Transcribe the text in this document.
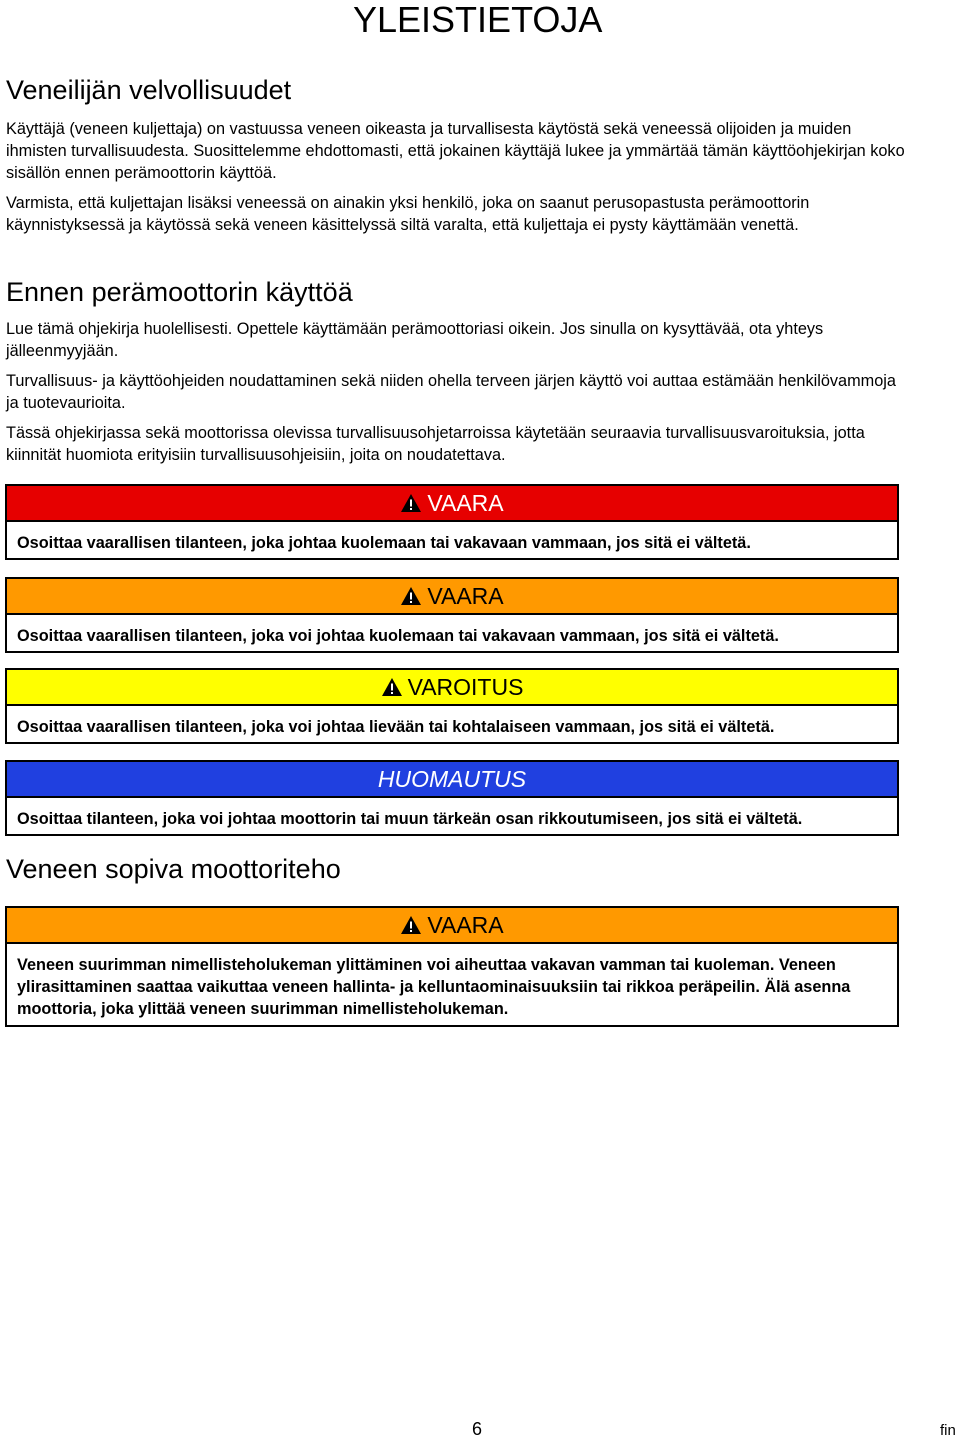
YLEISTIETOJA
Veneilijän velvollisuudet

Käyttäjä (veneen kuljettaja) on vastuussa veneen oikeasta ja turvallisesta käytöstä sekä veneessä olijoiden ja muiden ihmisten turvallisuudesta. Suosittelemme ehdottomasti, että jokainen käyttäjä lukee ja ymmärtää tämän käyttöohjekirjan koko sisällön ennen perämoottorin käyttöä.

Varmista, että kuljettajan lisäksi veneessä on ainakin yksi henkilö, joka on saanut perusopastusta perämoottorin käynnistyksessä ja käytössä sekä veneen käsittelyssä siltä varalta, että kuljettaja ei pysty käyttämään venettä.

Ennen perämoottorin käyttöä

Lue tämä ohjekirja huolellisesti. Opettele käyttämään perämoottoriasi oikein. Jos sinulla on kysyttävää, ota yhteys jälleenmyyjään.

Turvallisuus- ja käyttöohjeiden noudattaminen sekä niiden ohella terveen järjen käyttö voi auttaa estämään henkilövammoja ja tuotevaurioita.

Tässä ohjekirjassa sekä moottorissa olevissa turvallisuusohjetarroissa käytetään seuraavia turvallisuusvaroituksia, jotta kiinnität huomiota erityisiin turvallisuusohjeisiin, joita on noudatettava.

VAARA
Osoittaa vaarallisen tilanteen, joka johtaa kuolemaan tai vakavaan vammaan, jos sitä ei vältetä.
VAARA
Osoittaa vaarallisen tilanteen, joka voi johtaa kuolemaan tai vakavaan vammaan, jos sitä ei vältetä.
VAROITUS
Osoittaa vaarallisen tilanteen, joka voi johtaa lievään tai kohtalaiseen vammaan, jos sitä ei vältetä.
HUOMAUTUS
Osoittaa tilanteen, joka voi johtaa moottorin tai muun tärkeän osan rikkoutumiseen, jos sitä ei vältetä.
Veneen sopiva moottoriteho
VAARA
Veneen suurimman nimellisteholukeman ylittäminen voi aiheuttaa vakavan vamman tai kuoleman. Veneen ylirasittaminen saattaa vaikuttaa veneen hallinta- ja kelluntaominaisuuksiin tai rikkoa peräpeilin. Älä asenna moottoria, joka ylittää veneen suurimman nimellisteholukeman.
6	fin
